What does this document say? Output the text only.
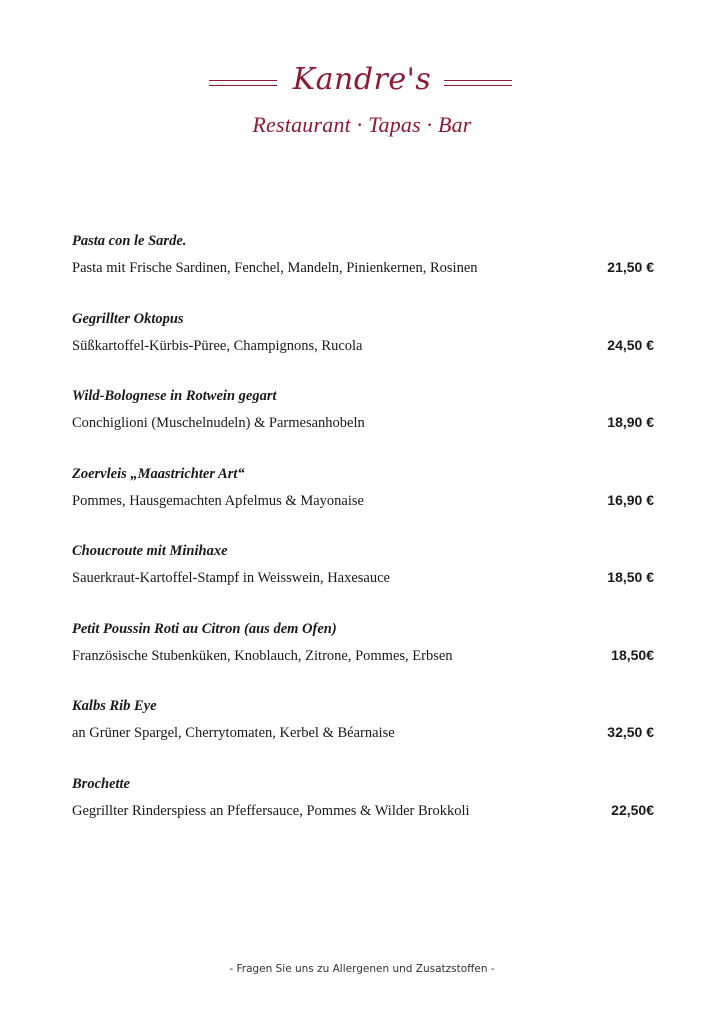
Kandre's
Restaurant · Tapas · Bar
Pasta con le Sarde.
Pasta mit Frische Sardinen, Fenchel, Mandeln, Pinienkernen, Rosinen	21,50 €
Gegrillter Oktopus
Süßkartoffel-Kürbis-Püree, Champignons, Rucola	24,50 €
Wild-Bolognese in Rotwein gegart
Conchiglioni (Muschelnudeln) & Parmesanhobeln	18,90 €
Zoervleis „Maastrichter Art“
Pommes, Hausgemachten Apfelmus & Mayonaise	16,90 €
Choucroute mit Minihaxe
Sauerkraut-Kartoffel-Stampf in Weisswein, Haxesauce	18,50 €
Petit Poussin Roti au Citron (aus dem Ofen)
Französische Stubenküken, Knoblauch, Zitrone, Pommes, Erbsen	18,50€
Kalbs Rib Eye
an Grüner Spargel, Cherrytomaten, Kerbel & Béarnaise	32,50 €
Brochette
Gegrillter Rinderspiess an Pfeffersauce, Pommes & Wilder Brokkoli	22,50€
- Fragen Sie uns zu Allergenen und Zusatzstoffen -
